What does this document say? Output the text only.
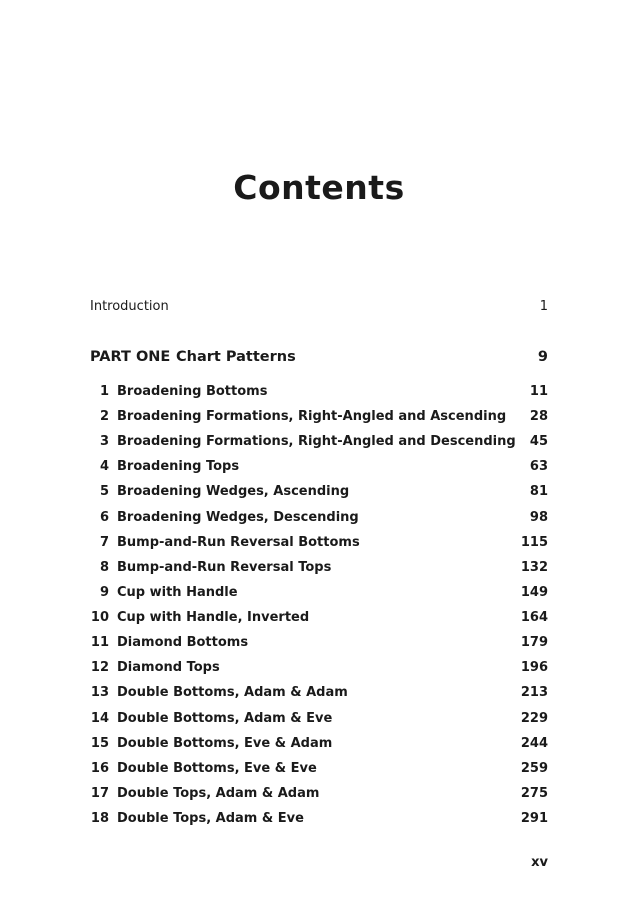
Contents
Introduction	1
PART ONE Chart Patterns	9
1 Broadening Bottoms	11
2 Broadening Formations, Right-Angled and Ascending 28
3 Broadening Formations, Right-Angled and Descending 45
4 Broadening Tops	63
5 Broadening Wedges, Ascending	81
6 Broadening Wedges, Descending	98
7 Bump-and-Run Reversal Bottoms	115
8 Bump-and-Run Reversal Tops	132
9 Cup with Handle	149
10 Cup with Handle, Inverted	164
11 Diamond Bottoms	179
12 Diamond Tops	196
13 Double Bottoms, Adam & Adam	213
14 Double Bottoms, Adam & Eve	229
15 Double Bottoms, Eve & Adam	244
16 Double Bottoms, Eve & Eve	259
17 Double Tops, Adam & Adam	275
18 Double Tops, Adam & Eve	291
xv
